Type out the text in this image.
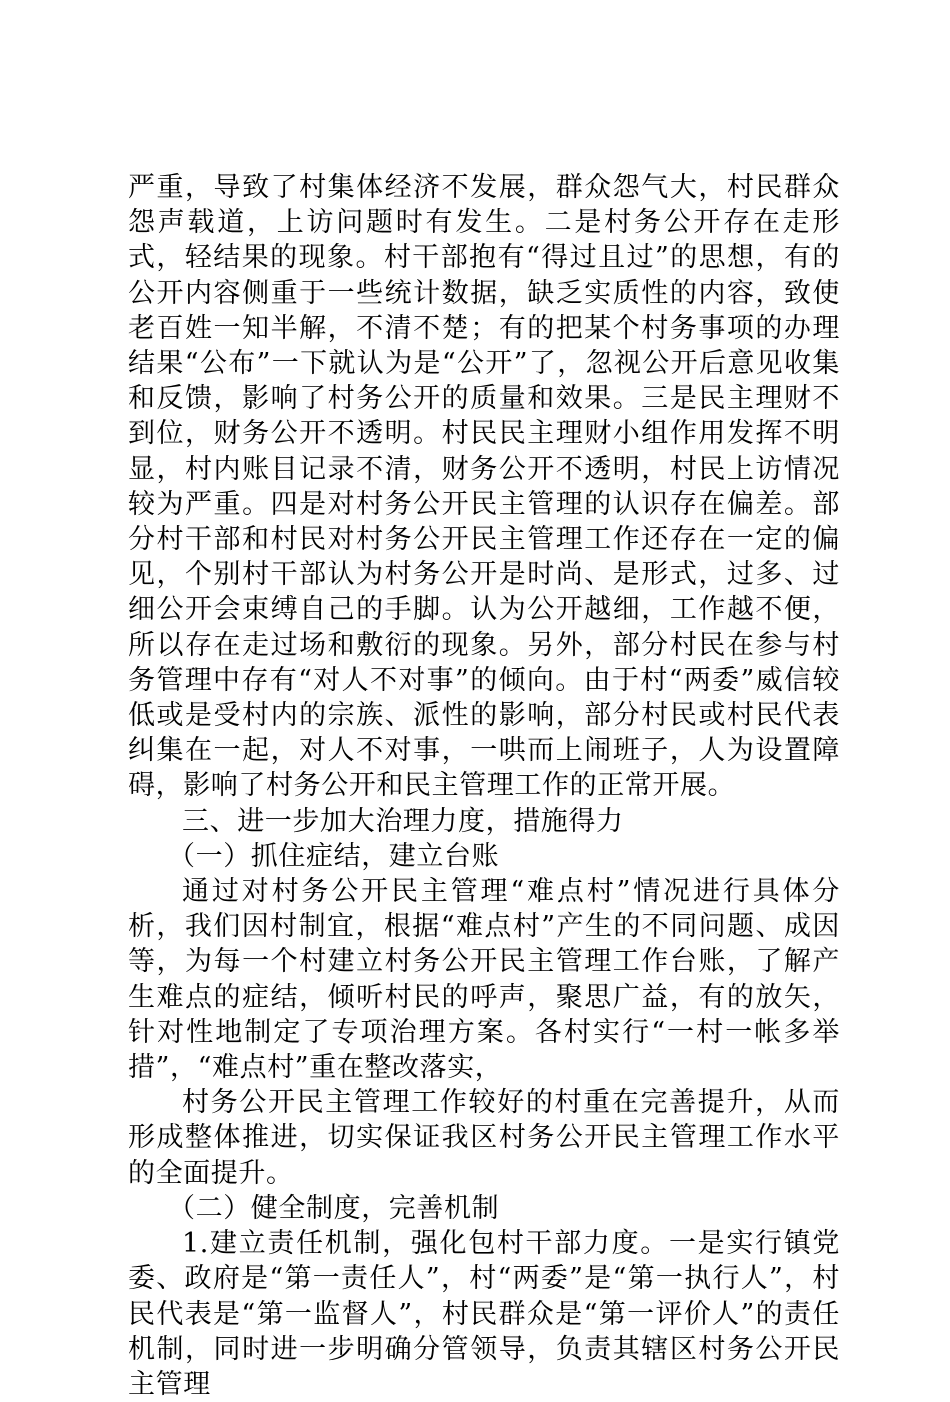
严重，导致了村集体经济不发展，群众怨气大，村民群众怨声载道，上访问题时有发生。二是村务公开存在走形式，轻结果的现象。村干部抱有“得过且过”的思想，有的公开内容侧重于一些统计数据，缺乏实质性的内容，致使老百姓一知半解，不清不楚；有的把某个村务事项的办理结果“公布”一下就认为是“公开”了，忽视公开后意见收集和反馈，影响了村务公开的质量和效果。三是民主理财不到位，财务公开不透明。村民民主理财小组作用发挥不明显，村内账目记录不清，财务公开不透明，村民上访情况较为严重。四是对村务公开民主管理的认识存在偏差。部分村干部和村民对村务公开民主管理工作还存在一定的偏见，个别村干部认为村务公开是时尚、是形式，过多、过细公开会束缚自己的手脚。认为公开越细，工作越不便，所以存在走过场和敷衍的现象。另外，部分村民在参与村务管理中存有“对人不对事”的倾向。由于村“两委”威信较低或是受村内的宗族、派性的影响，部分村民或村民代表纠集在一起，对人不对事，一哄而上闹班子，人为设置障碍，影响了村务公开和民主管理工作的正常开展。

三、进一步加大治理力度，措施得力

（一）抓住症结，建立台账

通过对村务公开民主管理“难点村”情况进行具体分析，我们因村制宜，根据“难点村”产生的不同问题、成因等，为每一个村建立村务公开民主管理工作台账，了解产生难点的症结，倾听村民的呼声，聚思广益，有的放矢，针对性地制定了专项治理方案。各村实行“一村一帐多举措”，“难点村”重在整改落实，

村务公开民主管理工作较好的村重在完善提升，从而形成整体推进，切实保证我区村务公开民主管理工作水平的全面提升。

（二）健全制度，完善机制

1.建立责任机制，强化包村干部力度。一是实行镇党委、政府是“第一责任人”，村“两委”是“第一执行人”，村民代表是“第一监督人”，村民群众是“第一评价人”的责任机制，同时进一步明确分管领导，负责其辖区村务公开民主管理
